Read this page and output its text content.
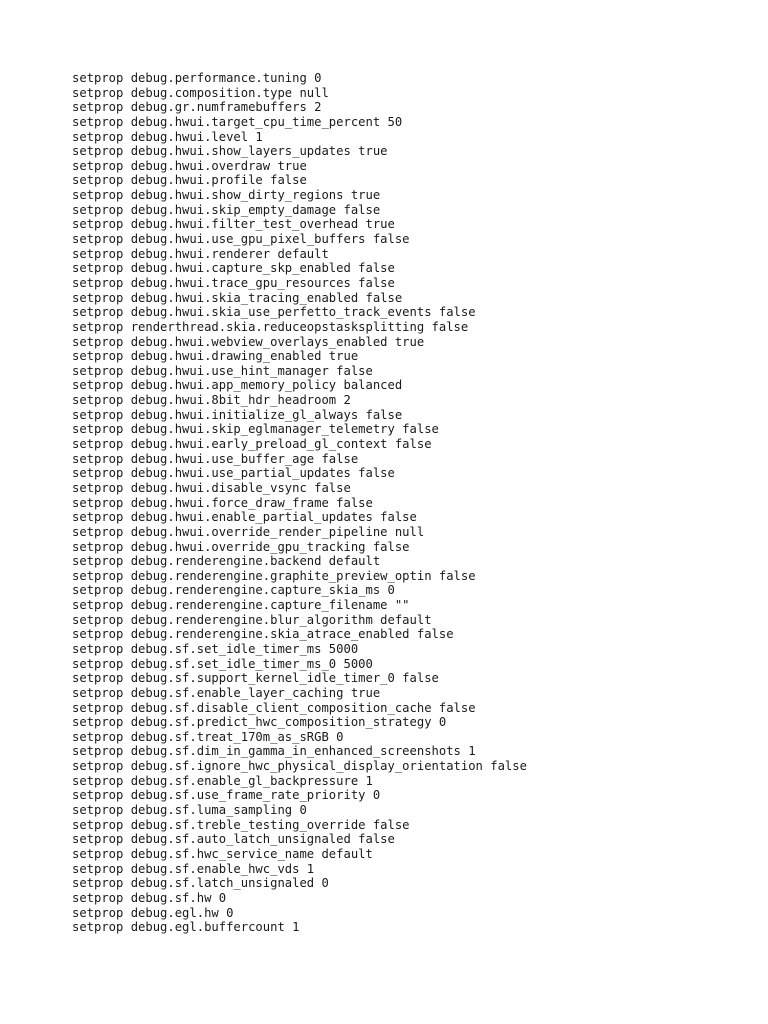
setprop debug.performance.tuning 0
setprop debug.composition.type null
setprop debug.gr.numframebuffers 2
setprop debug.hwui.target_cpu_time_percent 50
setprop debug.hwui.level 1
setprop debug.hwui.show_layers_updates true
setprop debug.hwui.overdraw true
setprop debug.hwui.profile false
setprop debug.hwui.show_dirty_regions true
setprop debug.hwui.skip_empty_damage false
setprop debug.hwui.filter_test_overhead true
setprop debug.hwui.use_gpu_pixel_buffers false
setprop debug.hwui.renderer default
setprop debug.hwui.capture_skp_enabled false
setprop debug.hwui.trace_gpu_resources false
setprop debug.hwui.skia_tracing_enabled false
setprop debug.hwui.skia_use_perfetto_track_events false
setprop renderthread.skia.reduceopstasksplitting false
setprop debug.hwui.webview_overlays_enabled true
setprop debug.hwui.drawing_enabled true
setprop debug.hwui.use_hint_manager false
setprop debug.hwui.app_memory_policy balanced
setprop debug.hwui.8bit_hdr_headroom 2
setprop debug.hwui.initialize_gl_always false
setprop debug.hwui.skip_eglmanager_telemetry false
setprop debug.hwui.early_preload_gl_context false
setprop debug.hwui.use_buffer_age false
setprop debug.hwui.use_partial_updates false
setprop debug.hwui.disable_vsync false
setprop debug.hwui.force_draw_frame false
setprop debug.hwui.enable_partial_updates false
setprop debug.hwui.override_render_pipeline null
setprop debug.hwui.override_gpu_tracking false
setprop debug.renderengine.backend default
setprop debug.renderengine.graphite_preview_optin false
setprop debug.renderengine.capture_skia_ms 0
setprop debug.renderengine.capture_filename ""
setprop debug.renderengine.blur_algorithm default
setprop debug.renderengine.skia_atrace_enabled false
setprop debug.sf.set_idle_timer_ms 5000
setprop debug.sf.set_idle_timer_ms_0 5000
setprop debug.sf.support_kernel_idle_timer_0 false
setprop debug.sf.enable_layer_caching true
setprop debug.sf.disable_client_composition_cache false
setprop debug.sf.predict_hwc_composition_strategy 0
setprop debug.sf.treat_170m_as_sRGB 0
setprop debug.sf.dim_in_gamma_in_enhanced_screenshots 1
setprop debug.sf.ignore_hwc_physical_display_orientation false
setprop debug.sf.enable_gl_backpressure 1
setprop debug.sf.use_frame_rate_priority 0
setprop debug.sf.luma_sampling 0
setprop debug.sf.treble_testing_override false
setprop debug.sf.auto_latch_unsignaled false
setprop debug.sf.hwc_service_name default
setprop debug.sf.enable_hwc_vds 1
setprop debug.sf.latch_unsignaled 0
setprop debug.sf.hw 0
setprop debug.egl.hw 0
setprop debug.egl.buffercount 1
